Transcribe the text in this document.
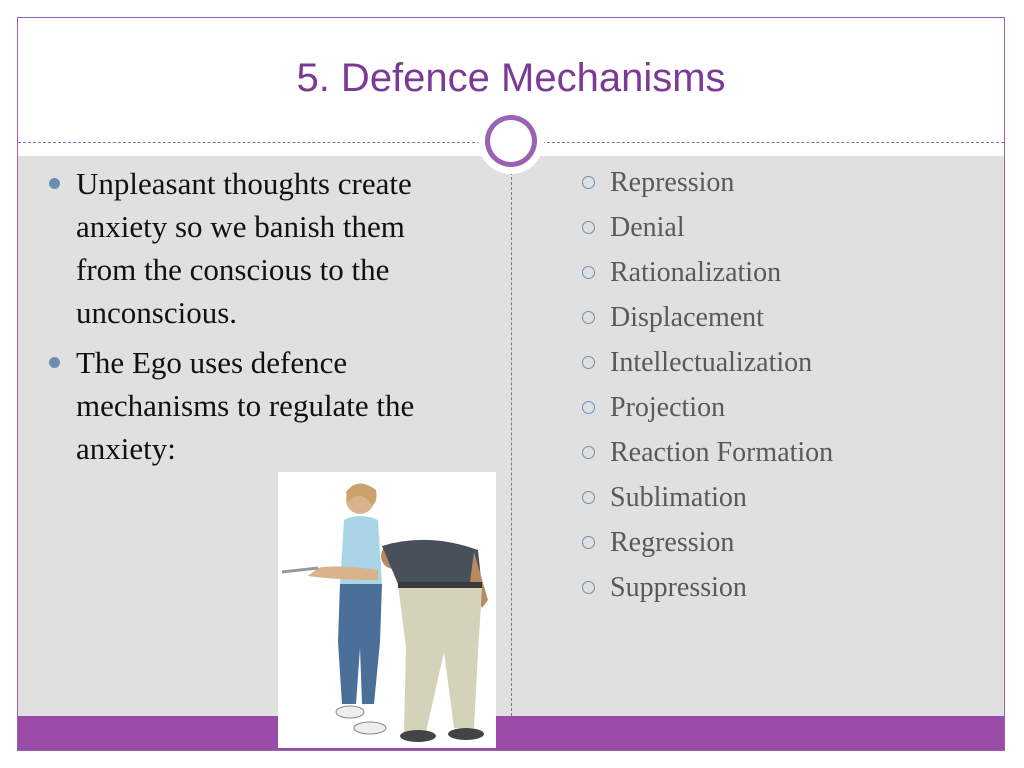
5. Defence Mechanisms
Unpleasant thoughts create anxiety so we banish them from the conscious to the unconscious.
The Ego uses defence mechanisms to regulate the anxiety:
Repression
Denial
Rationalization
Displacement
Intellectualization
Projection
Reaction Formation
Sublimation
Regression
Suppression
